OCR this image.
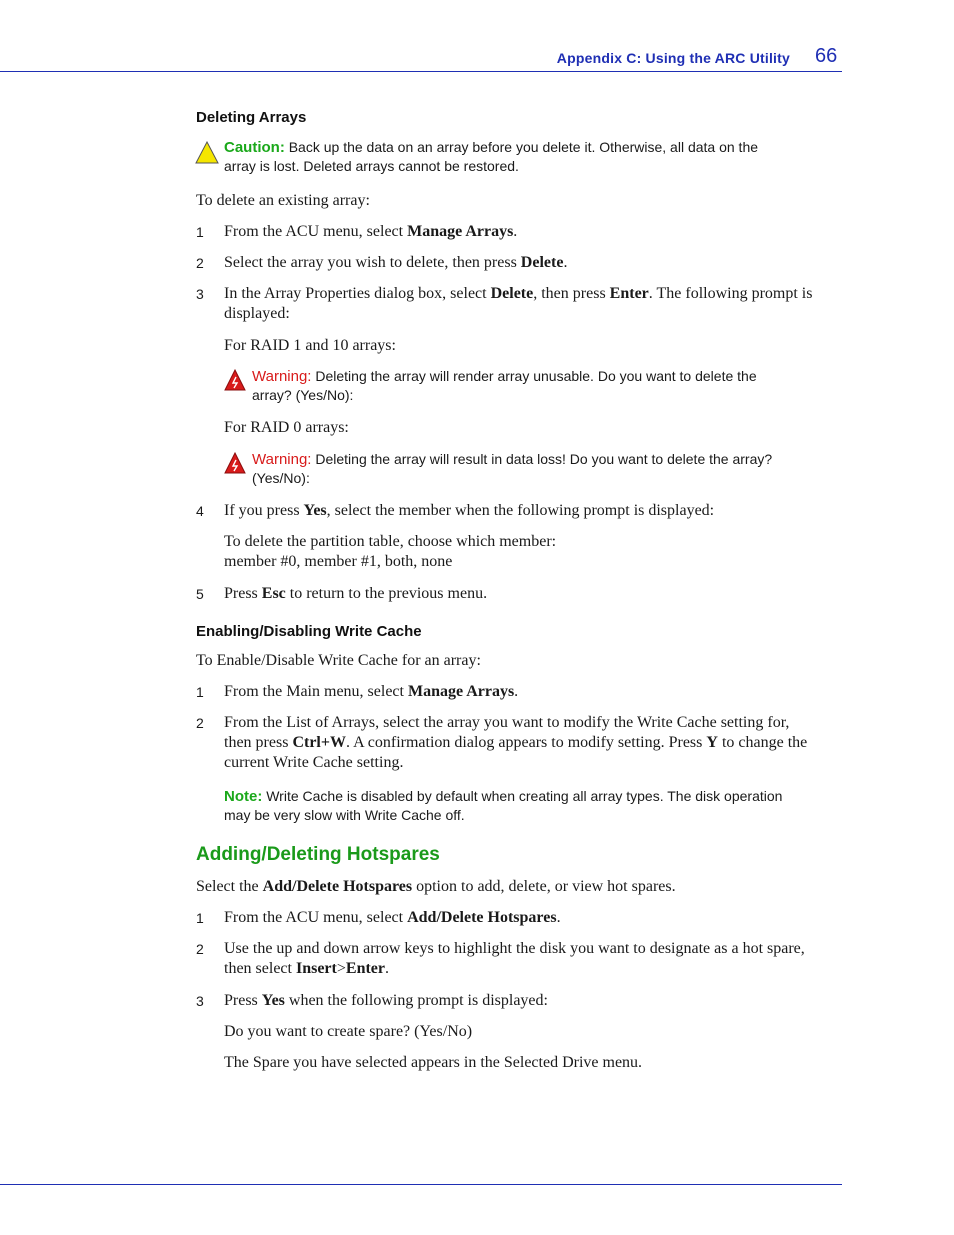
Appendix C: Using the ARC Utility 66
Deleting Arrays
Caution: Back up the data on an array before you delete it. Otherwise, all data on the
array is lost. Deleted arrays cannot be restored.
To delete an existing array:
1 From the ACU menu, select Manage Arrays.
2 Select the array you wish to delete, then press Delete.
3 In the Array Properties dialog box, select Delete, then press Enter. The following prompt is
displayed:
For RAID 1 and 10 arrays:
Warning: Deleting the array will render array unusable. Do you want to delete the
array? (Yes/No):
For RAID 0 arrays:
Warning: Deleting the array will result in data loss! Do you want to delete the array?
(Yes/No):
4 If you press Yes, select the member when the following prompt is displayed:
To delete the partition table, choose which member:
member #0, member #1, both, none
5 Press Esc to return to the previous menu.
Enabling/Disabling Write Cache
To Enable/Disable Write Cache for an array:
1 From the Main menu, select Manage Arrays.
2 From the List of Arrays, select the array you want to modify the Write Cache setting for,
then press Ctrl+W. A confirmation dialog appears to modify setting. Press Y to change the
current Write Cache setting.
Note: Write Cache is disabled by default when creating all array types. The disk operation
may be very slow with Write Cache off.
Adding/Deleting Hotspares
Select the Add/Delete Hotspares option to add, delete, or view hot spares.
1 From the ACU menu, select Add/Delete Hotspares.
2 Use the up and down arrow keys to highlight the disk you want to designate as a hot spare,
then select Insert>Enter.
3 Press Yes when the following prompt is displayed:
Do you want to create spare? (Yes/No)
The Spare you have selected appears in the Selected Drive menu.
